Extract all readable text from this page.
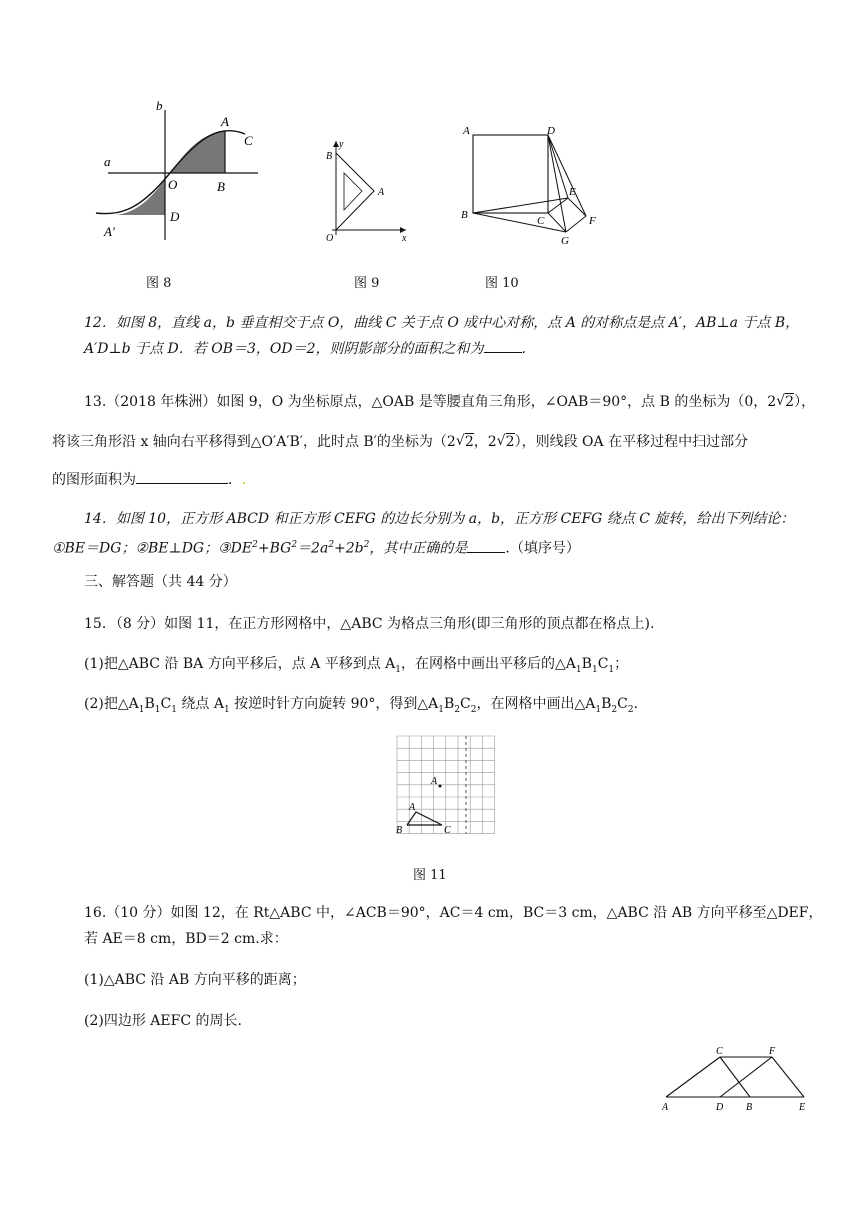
b
a
A
C
O	B
D
A′
图 8
y
B
A
O	x
图 9
A	D
E
B	C	F
G
图 10
12．如图 8，直线 a，b 垂直相交于点 O，曲线 C 关于点 O 成中心对称，点 A 的对称点是点 A′，AB⊥a 于点 B，
A′D⊥b 于点 D．若 OB＝3，OD＝2，则阴影部分的面积之和为	.
13.（2018 年株洲）如图 9，O 为坐标原点，△OAB 是等腰直角三角形，∠OAB＝90°，点 B 的坐标为（0，2 √ 2），
将该三角形沿 x 轴向右平移得到△O′A′B′，此时点 B′的坐标为（2 √ 2，2 √ 2），则线段 OA 在平移过程中扫过部分
的图形面积为	．.
14．如图 10，正方形 ABCD 和正方形 CEFG 的边长分别为 a，b，正方形 CEFG 绕点 C 旋转，给出下列结论：
①BE＝DG；②BE⊥DG；$③DE^2+BG^2=2a^2+2b^2$，其中正确的是	.（填序号）
三、解答题（共 44 分）
15．（8 分）如图 11，在正方形网格中，△ABC 为格点三角形(即三角形的顶点都在格点上).
(1)把△ABC 沿 BA 方向平移后，点 A 平移到点 $A_1$，在网格中画出平移后的$\triangle A_1B_1C_1$；
(2)把$\triangle A_1B_1C_1$ 绕点 $A_1$ 按逆时针方向旋转 90°，得到$\triangle A_1B_2C_2$，在网格中画出$\triangle A_1B_2C_2$.
A
A
B	C
图 11
16.（10 分）如图 12，在 Rt△ABC 中，∠ACB＝90°，AC＝4 cm，BC＝3 cm，△ABC 沿 AB 方向平移至△DEF，
若 AE＝8 cm，BD＝2 cm.求：
(1)△ABC 沿 AB 方向平移的距离；
(2)四边形 AEFC 的周长.
C	F
A	D B	E
